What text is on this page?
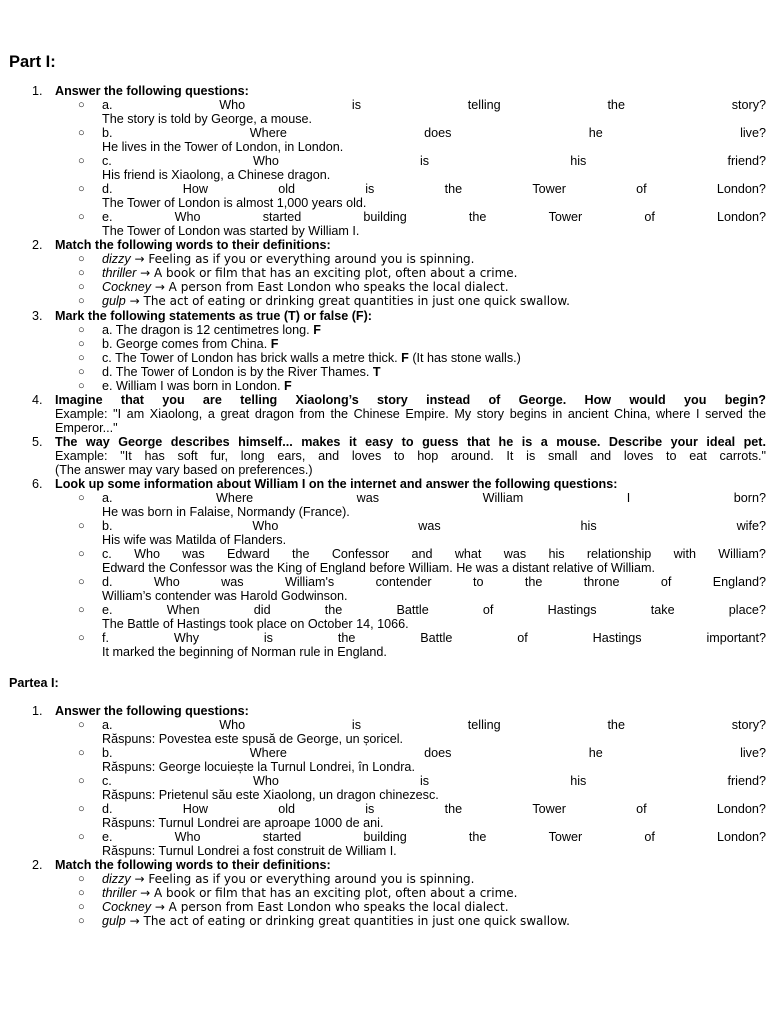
Part I:
1. Answer the following questions:
○ a.	Who	is	telling	the	story?
The story is told by George, a mouse.
○ b.	Where	does	he	live?
He lives in the Tower of London, in London.
○ c.	Who	is	his	friend?
His friend is Xiaolong, a Chinese dragon.
○ d.	How	old	is	the	Tower	of	London?
The Tower of London is almost 1,000 years old.
○ e.	Who	started	building	the	Tower	of	London?
The Tower of London was started by William I.
2. Match the following words to their definitions:
○ dizzy → Feeling as if you or everything around you is spinning.
○ thriller → A book or film that has an exciting plot, often about a crime.
○ Cockney → A person from East London who speaks the local dialect.
○ gulp → The act of eating or drinking great quantities in just one quick swallow.
3. Mark the following statements as true (T) or false (F):
○ a. The dragon is 12 centimetres long. F
○ b. George comes from China. F
○ c. The Tower of London has brick walls a metre thick. F (It has stone walls.)
○ d. The Tower of London is by the River Thames. T
○ e. William I was born in London. F
4. Imagine that you are telling Xiaolong’s story instead of George. How would you begin?
Example: "I am Xiaolong, a great dragon from the Chinese Empire. My story begins in ancient China, where I served the Emperor..."
5. The way George describes himself... makes it easy to guess that he is a mouse. Describe your ideal pet.
Example: "It has soft fur, long ears, and loves to hop around. It is small and loves to eat carrots."
(The answer may vary based on preferences.)
6. Look up some information about William I on the internet and answer the following questions:
○ a.	Where	was	William	I	born?
He was born in Falaise, Normandy (France).
○ b.	Who	was	his	wife?
His wife was Matilda of Flanders.
○ c. Who was Edward the Confessor and what was his relationship with William?
Edward the Confessor was the King of England before William. He was a distant relative of William.
○ d.	Who	was	William's	contender	to	the	throne	of	England?
William’s contender was Harold Godwinson.
○ e.	When	did	the	Battle	of	Hastings	take	place?
The Battle of Hastings took place on October 14, 1066.
○ f.	Why	is	the	Battle	of	Hastings	important?
It marked the beginning of Norman rule in England.
Partea I:
1. Answer the following questions:
○ a.	Who	is	telling	the	story?
Răspuns: Povestea este spusă de George, un șoricel.
○ b.	Where	does	he	live?
Răspuns: George locuiește la Turnul Londrei, în Londra.
○ c.	Who	is	his	friend?
Răspuns: Prietenul său este Xiaolong, un dragon chinezesc.
○ d.	How	old	is	the	Tower	of	London?
Răspuns: Turnul Londrei are aproape 1000 de ani.
○ e.	Who	started	building	the	Tower	of	London?
Răspuns: Turnul Londrei a fost construit de William I.
2. Match the following words to their definitions:
○ dizzy → Feeling as if you or everything around you is spinning.
○ thriller → A book or film that has an exciting plot, often about a crime.
○ Cockney → A person from East London who speaks the local dialect.
○ gulp → The act of eating or drinking great quantities in just one quick swallow.
